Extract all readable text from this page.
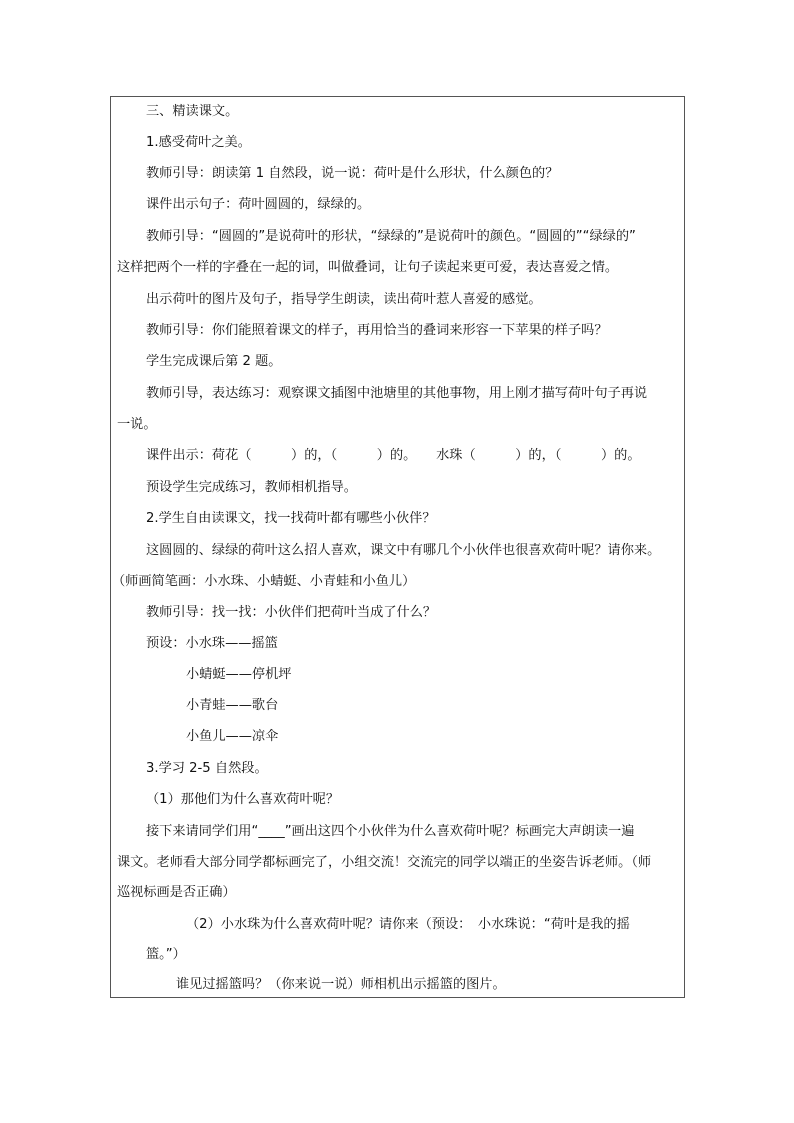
三、精读课文。
1.感受荷叶之美。
教师引导：朗读第 1 自然段，说一说：荷叶是什么形状，什么颜色的？
课件出示句子：荷叶圆圆的，绿绿的。
教师引导：“圆圆的”是说荷叶的形状，“绿绿的”是说荷叶的颜色。“圆圆的”“绿绿的”
这样把两个一样的字叠在一起的词，叫做叠词，让句子读起来更可爱，表达喜爱之情。
出示荷叶的图片及句子，指导学生朗读，读出荷叶惹人喜爱的感觉。
教师引导：你们能照着课文的样子，再用恰当的叠词来形容一下苹果的样子吗？
学生完成课后第 2 题。
教师引导，表达练习：观察课文插图中池塘里的其他事物，用上刚才描写荷叶句子再说
一说。
课件出示：荷花（　　　）的，（　　　）的。　　水珠（　　　）的，（　　　）的。
预设学生完成练习，教师相机指导。
2.学生自由读课文，找一找荷叶都有哪些小伙伴？
这圆圆的、绿绿的荷叶这么招人喜欢，课文中有哪几个小伙伴也很喜欢荷叶呢？请你来。
（师画简笔画：小水珠、小蜻蜓、小青蛙和小鱼儿）
教师引导：找一找：小伙伴们把荷叶当成了什么？
预设：小水珠——摇篮
小蜻蜓——停机坪
小青蛙——歌台
小鱼儿——凉伞
3.学习 2-5 自然段。
（1）那他们为什么喜欢荷叶呢？
接下来请同学们用“____”画出这四个小伙伴为什么喜欢荷叶呢？标画完大声朗读一遍
课文。老师看大部分同学都标画完了，小组交流！交流完的同学以端正的坐姿告诉老师。（师
巡视标画是否正确）
（2）小水珠为什么喜欢荷叶呢？请你来（预设：　小水珠说：“荷叶是我的摇
篮。”）
谁见过摇篮吗？（你来说一说）师相机出示摇篮的图片。
